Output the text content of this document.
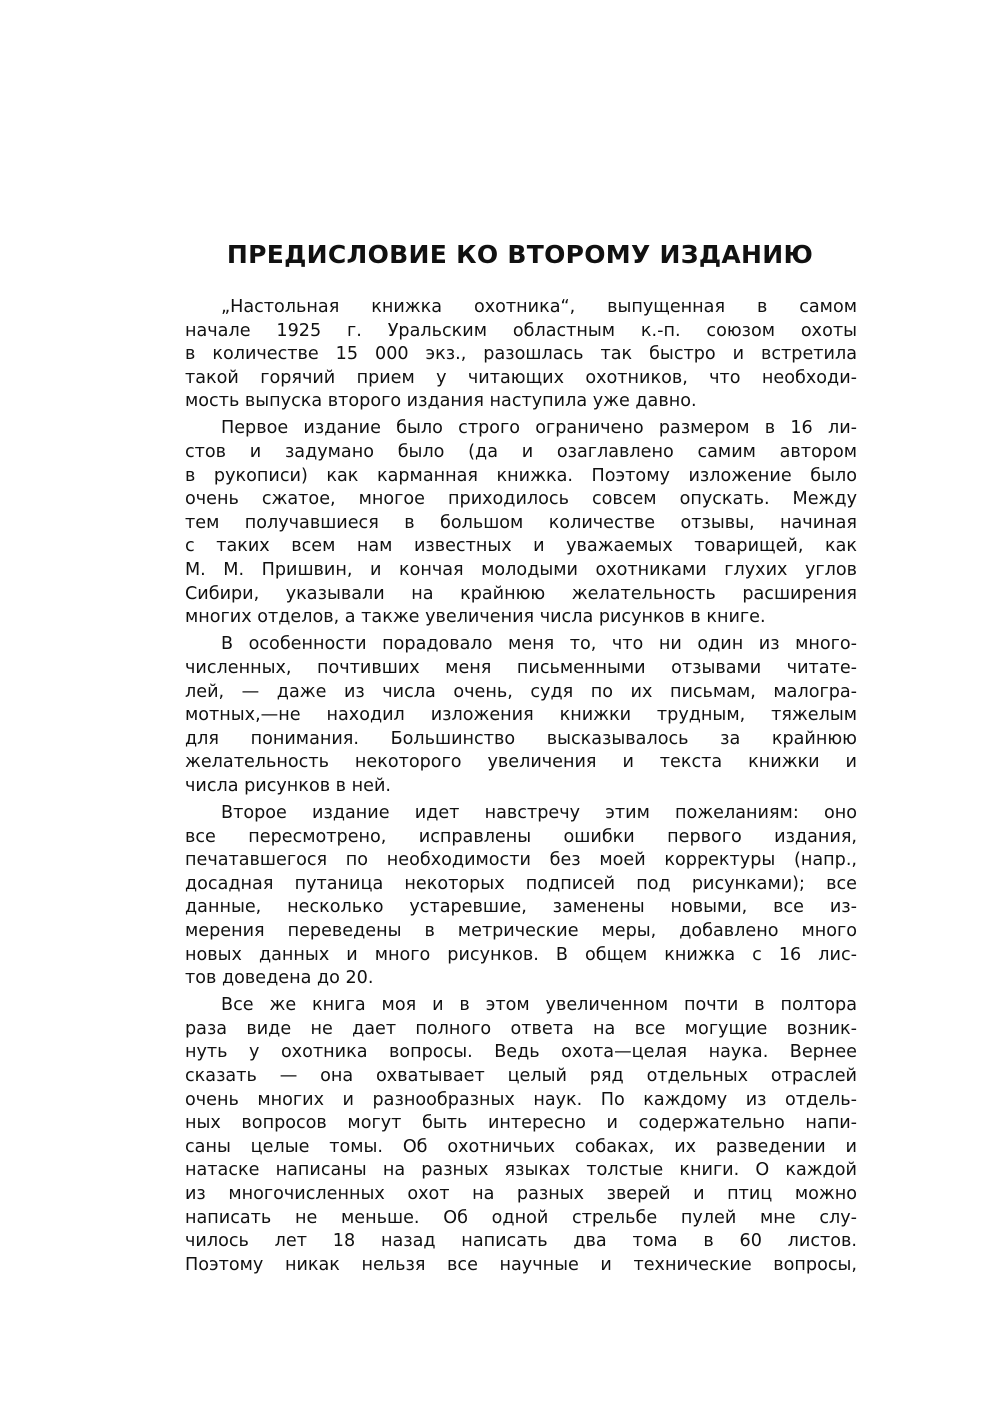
ПРЕДИСЛОВИЕ КО ВТОРОМУ ИЗДАНИЮ
„Настольная книжка охотника“, выпущенная в самом
начале 1925 г. Уральским областным к.-п. союзом охоты
в количестве 15 000 экз., разошлась так быстро и встретила
такой горячий прием у читающих охотников, что необходи-
мость выпуска второго издания наступила уже давно.
Первое издание было строго ограничено размером в 16 ли-
стов и задумано было (да и озаглавлено самим автором
в рукописи) как карманная книжка. Поэтому изложение было
очень сжатое, многое приходилось совсем опускать. Между
тем получавшиеся в большом количестве отзывы, начиная
с таких всем нам известных и уважаемых товарищей, как
М. М. Пришвин, и кончая молодыми охотниками глухих углов
Сибири, указывали на крайнюю желательность расширения
многих отделов, а также увеличения числа рисунков в книге.
В особенности порадовало меня то, что ни один из много-
численных, почтивших меня письменными отзывами читате-
лей, — даже из числа очень, судя по их письмам, малогра-
мотных,—не находил изложения книжки трудным, тяжелым
для понимания. Большинство высказывалось за крайнюю
желательность некоторого увеличения и текста книжки и
числа рисунков в ней.
Второе издание идет навстречу этим пожеланиям: оно
все пересмотрено, исправлены ошибки первого издания,
печатавшегося по необходимости без моей корректуры (напр.,
досадная путаница некоторых подписей под рисунками); все
данные, несколько устаревшие, заменены новыми, все из-
мерения переведены в метрические меры, добавлено много
новых данных и много рисунков. В общем книжка с 16 лис-
тов доведена до 20.
Все же книга моя и в этом увеличенном почти в полтора
раза виде не дает полного ответа на все могущие возник-
нуть у охотника вопросы. Ведь охота—целая наука. Вернее
сказать — она охватывает целый ряд отдельных отраслей
очень многих и разнообразных наук. По каждому из отдель-
ных вопросов могут быть интересно и содержательно напи-
саны целые томы. Об охотничьих собаках, их разведении и
натаске написаны на разных языках толстые книги. О каждой
из многочисленных охот на разных зверей и птиц можно
написать не меньше. Об одной стрельбе пулей мне слу-
чилось лет 18 назад написать два тома в 60 листов.
Поэтому никак нельзя все научные и технические вопросы,
